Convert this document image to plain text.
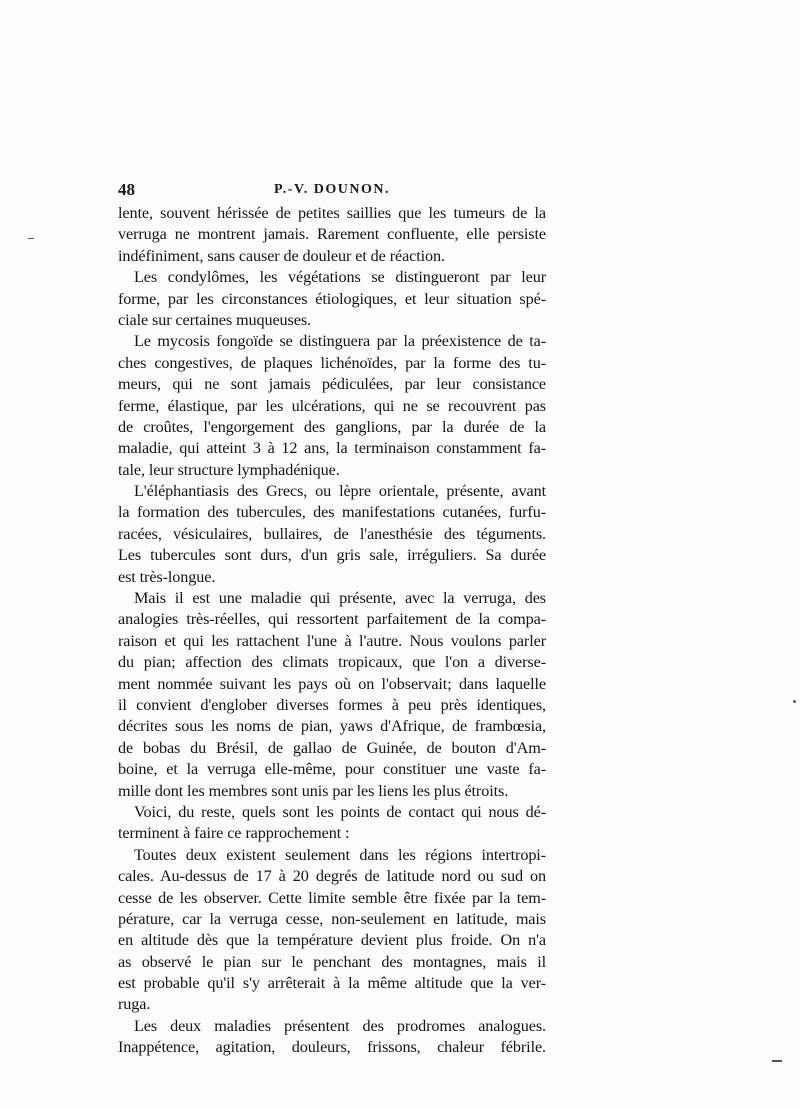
48	P.-V. DOUNON.
lente, souvent hérissée de petites saillies que les tumeurs de la
verruga ne montrent jamais. Rarement confluente, elle persiste
indéfiniment, sans causer de douleur et de réaction.
Les condylômes, les végétations se distingueront par leur
forme, par les circonstances étiologiques, et leur situation spé-
ciale sur certaines muqueuses.
Le mycosis fongoïde se distinguera par la préexistence de ta-
ches congestives, de plaques lichénoïdes, par la forme des tu-
meurs, qui ne sont jamais pédiculées, par leur consistance
ferme, élastique, par les ulcérations, qui ne se recouvrent pas
de croûtes, l'engorgement des ganglions, par la durée de la
maladie, qui atteint 3 à 12 ans, la terminaison constamment fa-
tale, leur structure lymphadénique.
L'éléphantiasis des Grecs, ou lèpre orientale, présente, avant
la formation des tubercules, des manifestations cutanées, furfu-
racées, vésiculaires, bullaires, de l'anesthésie des téguments.
Les tubercules sont durs, d'un gris sale, irréguliers. Sa durée
est très-longue.
Mais il est une maladie qui présente, avec la verruga, des
analogies très-réelles, qui ressortent parfaitement de la compa-
raison et qui les rattachent l'une à l'autre. Nous voulons parler
du pian; affection des climats tropicaux, que l'on a diverse-
ment nommée suivant les pays où on l'observait; dans laquelle
il convient d'englober diverses formes à peu près identiques,
décrites sous les noms de pian, yaws d'Afrique, de frambœsia,
de bobas du Brésil, de gallao de Guinée, de bouton d'Am-
boine, et la verruga elle-même, pour constituer une vaste fa-
mille dont les membres sont unis par les liens les plus étroits.
Voici, du reste, quels sont les points de contact qui nous dé-
terminent à faire ce rapprochement :
Toutes deux existent seulement dans les régions intertropi-
cales. Au-dessus de 17 à 20 degrés de latitude nord ou sud on
cesse de les observer. Cette limite semble être fixée par la tem-
pérature, car la verruga cesse, non-seulement en latitude, mais
en altitude dès que la température devient plus froide. On n'a
as observé le pian sur le penchant des montagnes, mais il
est probable qu'il s'y arrêterait à la même altitude que la ver-
ruga.
Les deux maladies présentent des prodromes analogues.
Inappétence, agitation, douleurs, frissons, chaleur fébrile.
